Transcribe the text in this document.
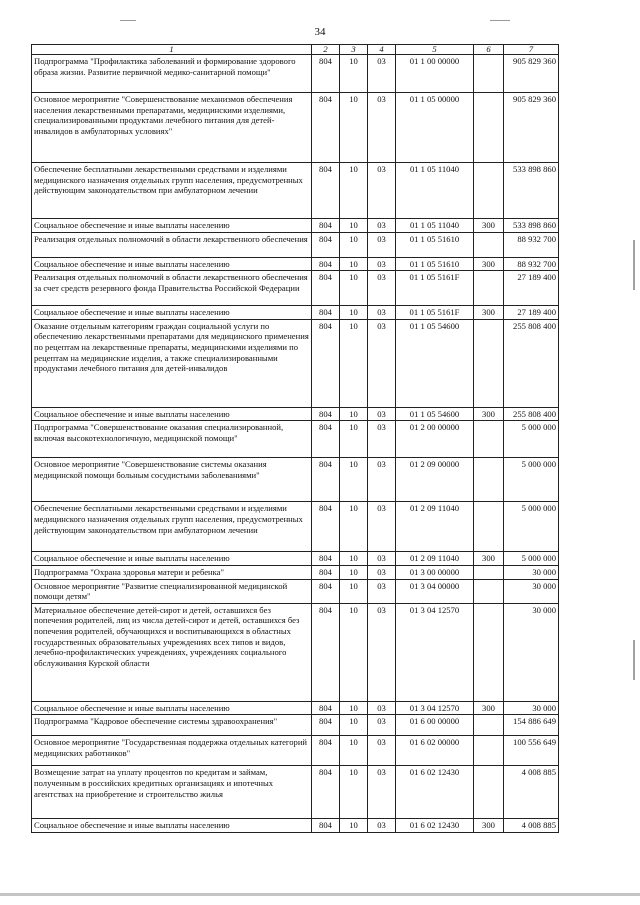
34
1	2	3	4	5	6	7
Подпрограмма "Профилактика заболеваний и формирование здорового образа жизни. Развитие первичной медико-санитарной помощи"	804	10	03	01 1 00 00000		905 829 360
Основное мероприятие "Совершенствование механизмов обеспечения населения лекарственными препаратами, медицинскими изделиями, специализированными продуктами лечебного питания для детей-инвалидов в амбулаторных условиях"	804	10	03	01 1 05 00000		905 829 360
Обеспечение бесплатными лекарственными средствами и изделиями медицинского назначения отдельных групп населения, предусмотренных действующим законодательством при амбулаторном лечении	804	10	03	01 1 05 11040		533 898 860
Социальное обеспечение и иные выплаты населению	804	10	03	01 1 05 11040	300	533 898 860
Реализация отдельных полномочий в области лекарственного обеспечения	804	10	03	01 1 05 51610		88 932 700
Социальное обеспечение и иные выплаты населению	804	10	03	01 1 05 51610	300	88 932 700
Реализация отдельных полномочий в области лекарственного обеспечения за счет средств резервного фонда Правительства Российской Федерации	804	10	03	01 1 05 5161F		27 189 400
Социальное обеспечение и иные выплаты населению	804	10	03	01 1 05 5161F	300	27 189 400
Оказание отдельным категориям граждан социальной услуги по обеспечению лекарственными препаратами для медицинского применения по рецептам на лекарственные препараты, медицинскими изделиями по рецептам на медицинские изделия, а также специализированными продуктами лечебного питания для детей-инвалидов	804	10	03	01 1 05 54600		255 808 400
Социальное обеспечение и иные выплаты населению	804	10	03	01 1 05 54600	300	255 808 400
Подпрограмма "Совершенствование оказания специализированной, включая высокотехнологичную, медицинской помощи"	804	10	03	01 2 00 00000		5 000 000
Основное мероприятие "Совершенствование системы оказания медицинской помощи больным сосудистыми заболеваниями"	804	10	03	01 2 09 00000		5 000 000
Обеспечение бесплатными лекарственными средствами и изделиями медицинского назначения отдельных групп населения, предусмотренных действующим законодательством при амбулаторном лечении	804	10	03	01 2 09 11040		5 000 000
Социальное обеспечение и иные выплаты населению	804	10	03	01 2 09 11040	300	5 000 000
Подпрограмма "Охрана здоровья матери и ребенка"	804	10	03	01 3 00 00000		30 000
Основное мероприятие "Развитие специализированной медицинской помощи детям"	804	10	03	01 3 04 00000		30 000
Материальное обеспечение детей-сирот и детей, оставшихся без попечения родителей, лиц из числа детей-сирот и детей, оставшихся без попечения родителей, обучающихся и воспитывающихся в областных государственных образовательных учреждениях всех типов и видов, лечебно-профилактических учреждениях, учреждениях социального обслуживания Курской области	804	10	03	01 3 04 12570		30 000
Социальное обеспечение и иные выплаты населению	804	10	03	01 3 04 12570	300	30 000
Подпрограмма "Кадровое обеспечение системы здравоохранения"	804	10	03	01 6 00 00000		154 886 649
Основное мероприятие "Государственная поддержка отдельных категорий медицинских работников"	804	10	03	01 6 02 00000		100 556 649
Возмещение затрат на уплату процентов по кредитам и займам, полученным в российских кредитных организациях и ипотечных агентствах на приобретение и строительство жилья	804	10	03	01 6 02 12430		4 008 885
Социальное обеспечение и иные выплаты населению	804	10	03	01 6 02 12430	300	4 008 885
